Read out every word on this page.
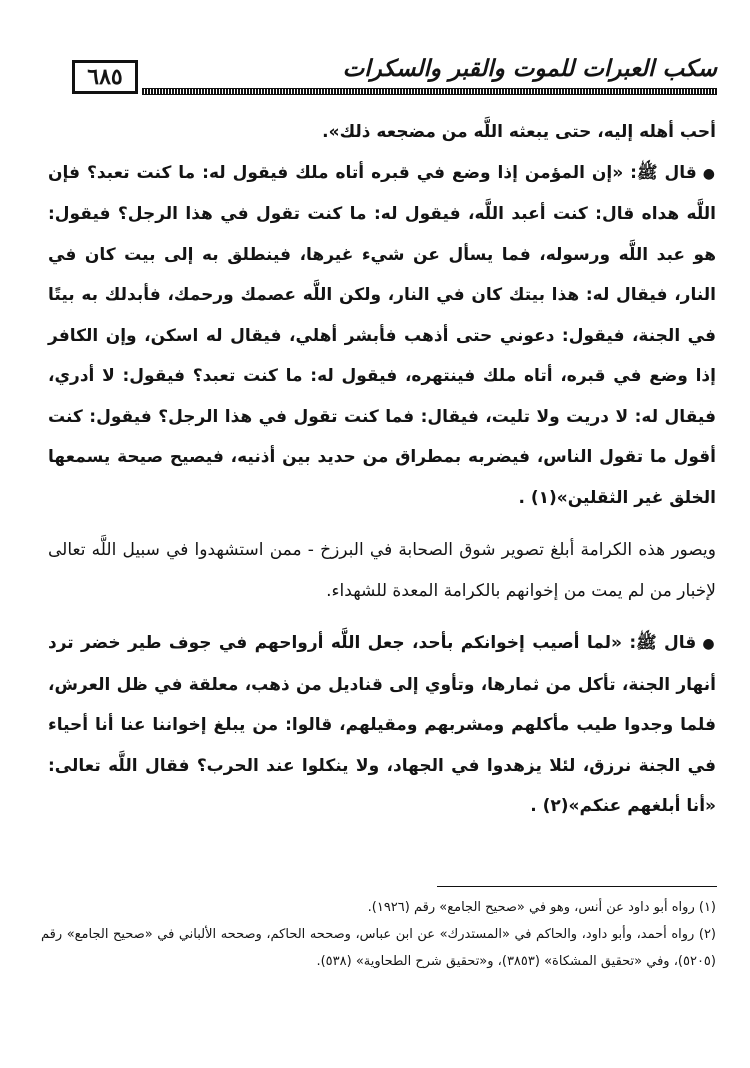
٦٨٥	سكب العبرات للموت والقبر والسكرات

أحب أهله إليه، حتى يبعثه اللَّه من مضجعه ذلك».

●قال ﷺ: «إن المؤمن إذا وضع في قبره أتاه ملك فيقول له: ما كنت تعبد؟ فإن اللَّه هداه قال: كنت أعبد اللَّه، فيقول له: ما كنت تقول في هذا الرجل؟ فيقول: هو عبد اللَّه ورسوله، فما يسأل عن شيء غيرها، فينطلق به إلى بيت كان في النار، فيقال له: هذا بيتك كان في النار، ولكن اللَّه عصمك ورحمك، فأبدلك به بيتًا في الجنة، فيقول: دعوني حتى أذهب فأبشر أهلي، فيقال له اسكن، وإن الكافر إذا وضع في قبره، أتاه ملك فينتهره، فيقول له: ما كنت تعبد؟ فيقول: لا أدري، فيقال له: لا دريت ولا تليت، فيقال: فما كنت تقول في هذا الرجل؟ فيقول: كنت أقول ما تقول الناس، فيضربه بمطراق من حديد بين أذنيه، فيصيح صيحة يسمعها الخلق غير الثقلين»(١) .

ويصور هذه الكرامة أبلغ تصوير شوق الصحابة في البرزخ - ممن استشهدوا في سبيل اللَّه تعالى لإخبار من لم يمت من إخوانهم بالكرامة المعدة للشهداء.

●قال ﷺ: «لما أصيب إخوانكم بأحد، جعل اللَّه أرواحهم في جوف طير خضر ترد أنهار الجنة، تأكل من ثمارها، وتأوي إلى قناديل من ذهب، معلقة في ظل العرش، فلما وجدوا طيب مأكلهم ومشربهم ومقيلهم، قالوا: من يبلغ إخواننا عنا أنا أحياء في الجنة نرزق، لئلا يزهدوا في الجهاد، ولا ينكلوا عند الحرب؟ فقال اللَّه تعالى: «أنا أبلغهم عنكم»(٢) .

(١) رواه أبو داود عن أنس، وهو في «صحيح الجامع» رقم (١٩٢٦).

(٢) رواه أحمد، وأبو داود، والحاكم في «المستدرك» عن ابن عباس، وصححه الحاكم، وصححه الألباني في «صحيح الجامع» رقم (٥٢٠٥)، وفي «تحقيق المشكاة» (٣٨٥٣)، و«تحقيق شرح الطحاوية» (٥٣٨).
